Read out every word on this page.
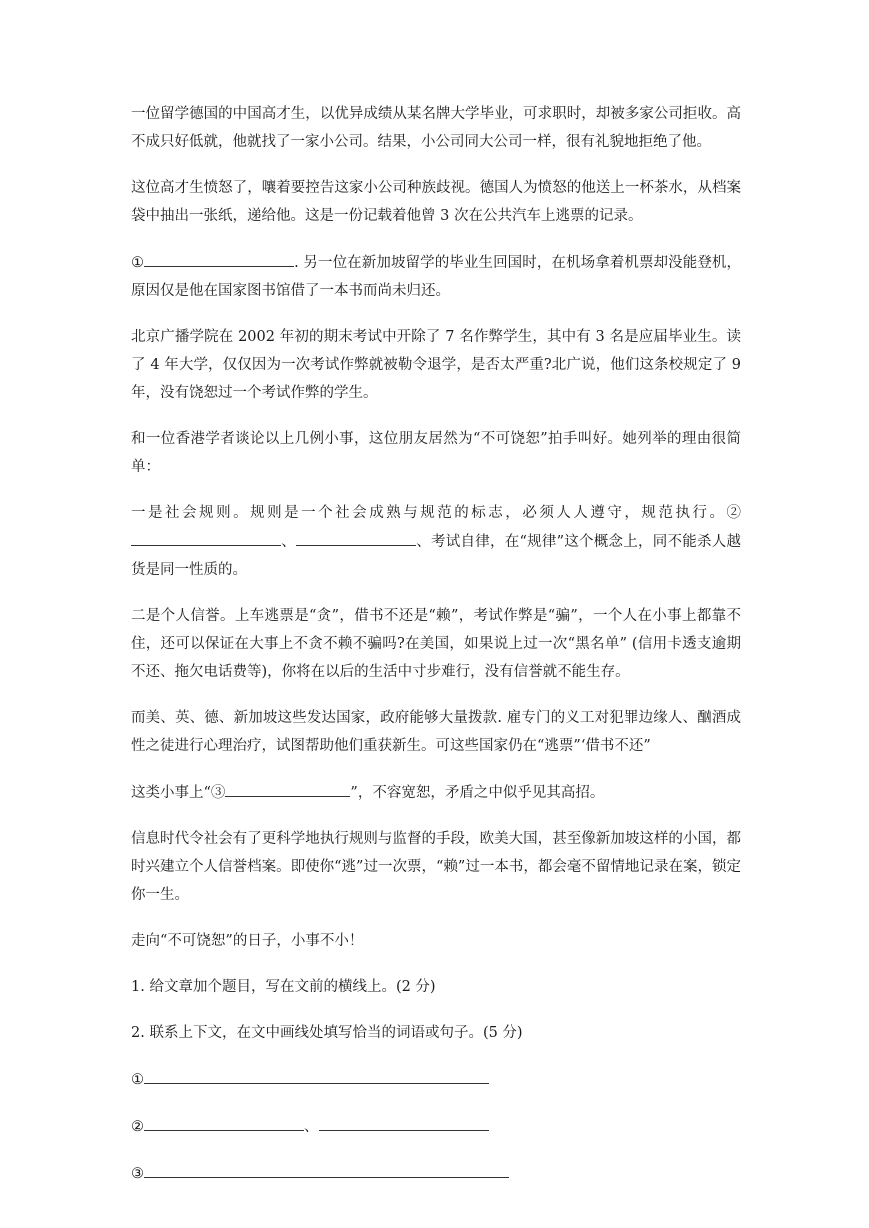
一位留学德国的中国高才生，以优异成绩从某名牌大学毕业，可求职时，却被多家公司拒收。高不成只好低就，他就找了一家小公司。结果，小公司同大公司一样，很有礼貌地拒绝了他。

这位高才生愤怒了，嚷着要控告这家小公司种族歧视。德国人为愤怒的他送上一杯茶水，从档案袋中抽出一张纸，递给他。这是一份记载着他曾 3 次在公共汽车上逃票的记录。

①	. 另一位在新加坡留学的毕业生回国时，在机场拿着机票却没能登机，原因仅是他在国家图书馆借了一本书而尚未归还。

北京广播学院在 2002 年初的期末考试中开除了 7 名作弊学生，其中有 3 名是应届毕业生。读了 4 年大学，仅仅因为一次考试作弊就被勒令退学，是否太严重?北广说，他们这条校规定了 9 年，没有饶恕过一个考试作弊的学生。

和一位香港学者谈论以上几例小事，这位朋友居然为“不可饶恕”拍手叫好。她列举的理由很简单：

一是社会规则。规则是一个社会成熟与规范的标志，必须人人遵守，规范执行。②、	、考试自律，在“规律”这个概念上，同不能杀人越货是同一性质的。

二是个人信誉。上车逃票是“贪”，借书不还是“赖”，考试作弊是“骗”，一个人在小事上都靠不住，还可以保证在大事上不贪不赖不骗吗?在美国，如果说上过一次“黑名单” (信用卡透支逾期不还、拖欠电话费等)，你将在以后的生活中寸步难行，没有信誉就不能生存。

而美、英、德、新加坡这些发达国家，政府能够大量拨款. 雇专门的义工对犯罪边缘人、酗酒成性之徒进行心理治疗，试图帮助他们重获新生。可这些国家仍在“逃票”‘借书不还”

这类小事上“③	”，不容宽恕，矛盾之中似乎见其高招。

信息时代令社会有了更科学地执行规则与监督的手段，欧美大国，甚至像新加坡这样的小国，都时兴建立个人信誉档案。即使你“逃”过一次票，“赖”过一本书，都会毫不留情地记录在案，锁定你一生。

走向“不可饶恕”的日子，小事不小！

1. 给文章加个题目，写在文前的横线上。(2 分)

2. 联系上下文，在文中画线处填写恰当的词语或句子。(5 分)

①

②	、

③
